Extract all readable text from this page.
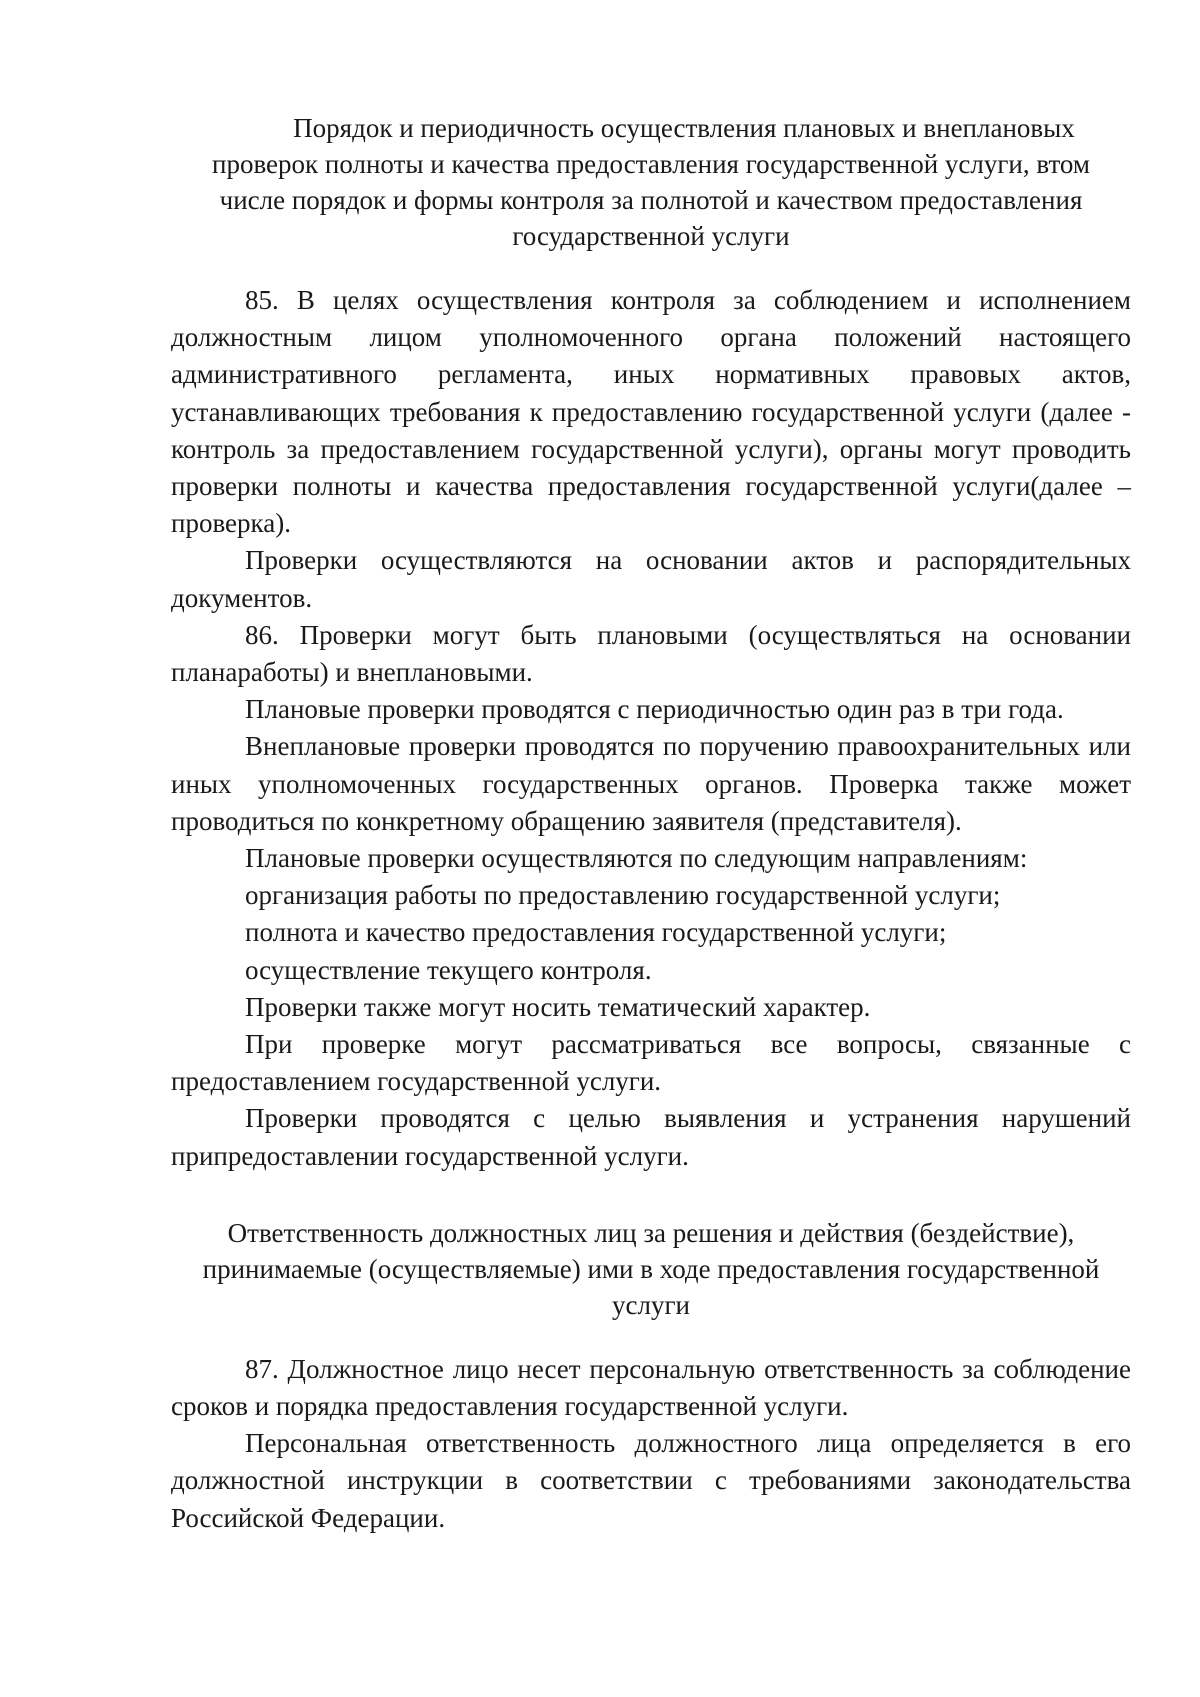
Порядок и периодичность осуществления плановых и внеплановых
проверок полноты и качества предоставления государственной услуги, втом
числе порядок и формы контроля за полнотой и качеством предоставления
государственной услуги

85. В целях осуществления контроля за соблюдением и исполнением должностным лицом уполномоченного органа положений настоящего административного регламента, иных нормативных правовых актов, устанавливающих требования к предоставлению государственной услуги (далее - контроль за предоставлением государственной услуги), органы могут проводить проверки полноты и качества предоставления государственной услуги(далее – проверка).

Проверки осуществляются на основании актов и распорядительных документов.

86. Проверки могут быть плановыми (осуществляться на основании планаработы) и внеплановыми.

Плановые проверки проводятся с периодичностью один раз в три года.

Внеплановые проверки проводятся по поручению правоохранительных или иных уполномоченных государственных органов. Проверка также может проводиться по конкретному обращению заявителя (представителя).

Плановые проверки осуществляются по следующим направлениям:

организация работы по предоставлению государственной услуги;

полнота и качество предоставления государственной услуги;

осуществление текущего контроля.

Проверки также могут носить тематический характер.

При проверке могут рассматриваться все вопросы, связанные с предоставлением государственной услуги.

Проверки проводятся с целью выявления и устранения нарушений припредоставлении государственной услуги.

Ответственность должностных лиц за решения и действия (бездействие),
принимаемые (осуществляемые) ими в ходе предоставления государственной
услуги

87. Должностное лицо несет персональную ответственность за соблюдение сроков и порядка предоставления государственной услуги.

Персональная ответственность должностного лица определяется в его должностной инструкции в соответствии с требованиями законодательства Российской Федерации.
